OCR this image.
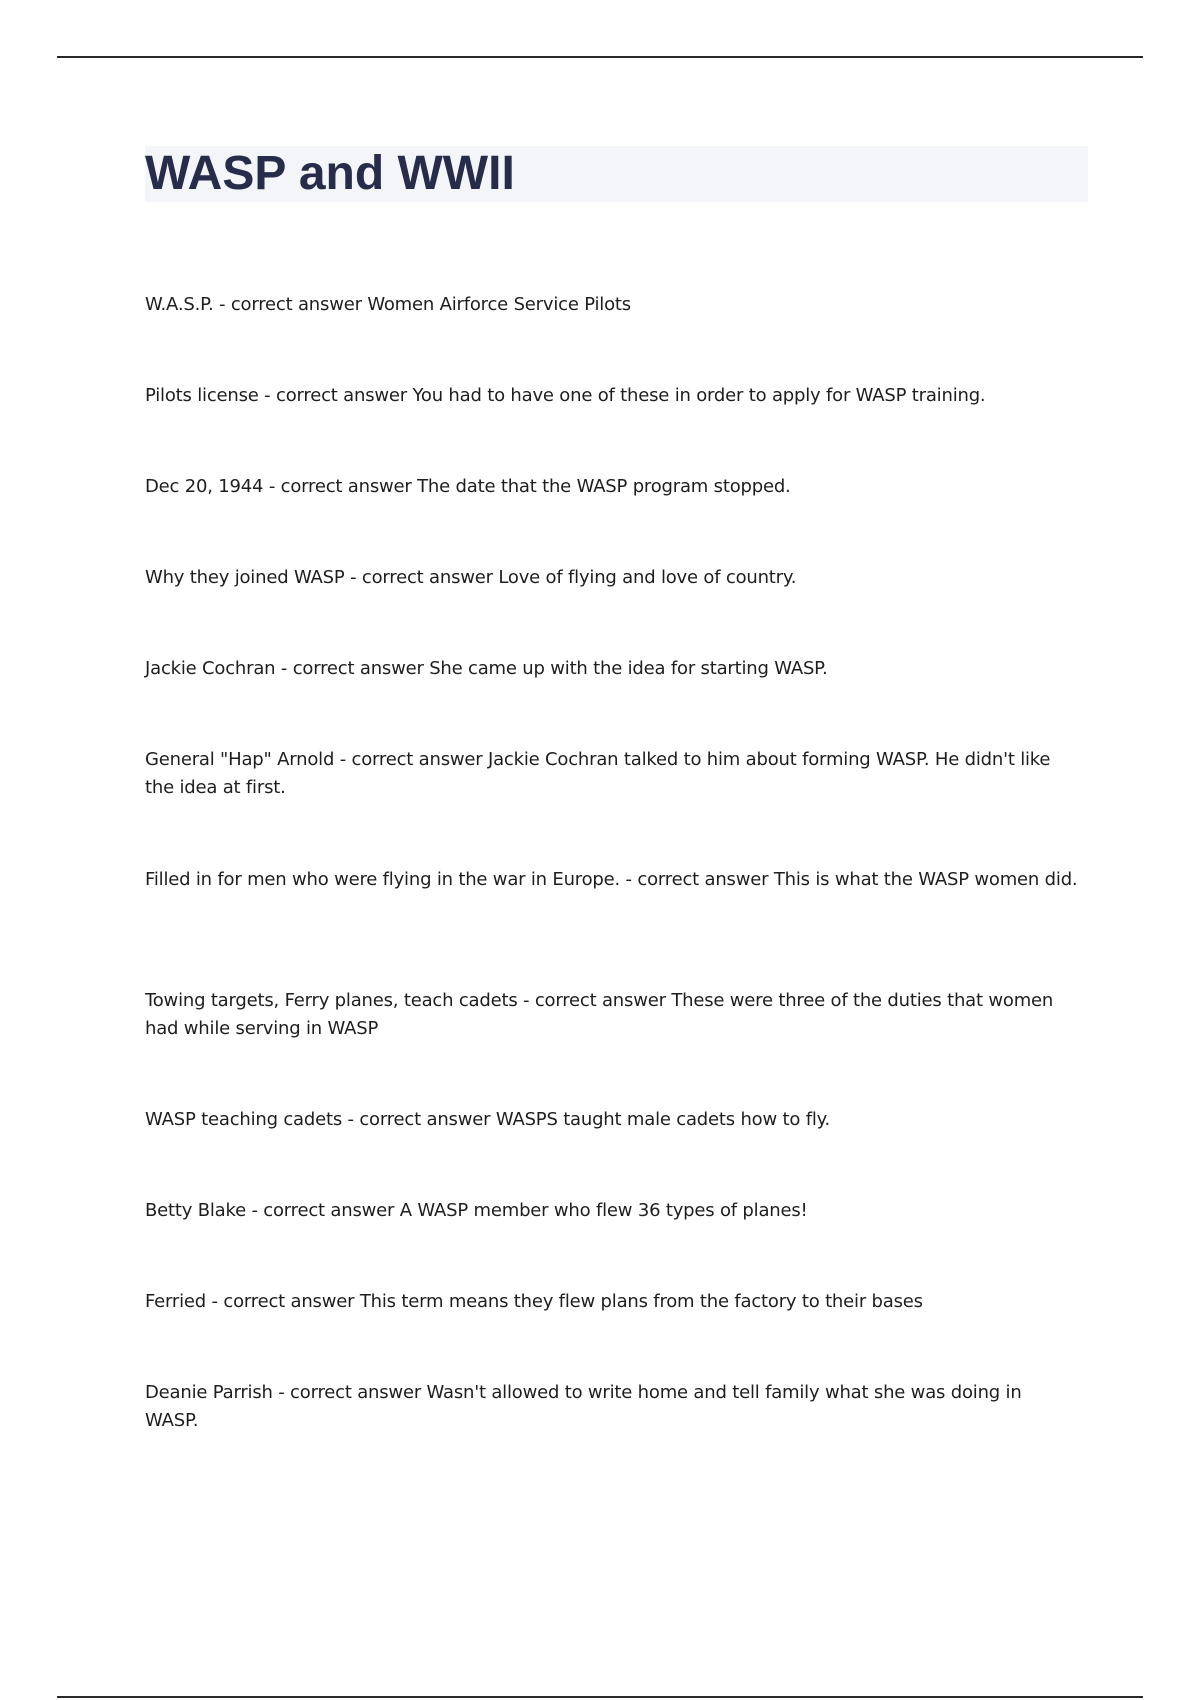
WASP and WWII
W.A.S.P. - correct answer Women Airforce Service Pilots
Pilots license - correct answer You had to have one of these in order to apply for WASP training.
Dec 20, 1944 - correct answer The date that the WASP program stopped.
Why they joined WASP - correct answer Love of flying and love of country.
Jackie Cochran - correct answer She came up with the idea for starting WASP.
General "Hap" Arnold - correct answer Jackie Cochran talked to him about forming WASP. He didn't like the idea at first.
Filled in for men who were flying in the war in Europe. - correct answer This is what the WASP women did.
Towing targets, Ferry planes, teach cadets - correct answer These were three of the duties that women had while serving in WASP
WASP teaching cadets - correct answer WASPS taught male cadets how to fly.
Betty Blake - correct answer A WASP member who flew 36 types of planes!
Ferried - correct answer This term means they flew plans from the factory to their bases
Deanie Parrish - correct answer Wasn't allowed to write home and tell family what she was doing in WASP.
